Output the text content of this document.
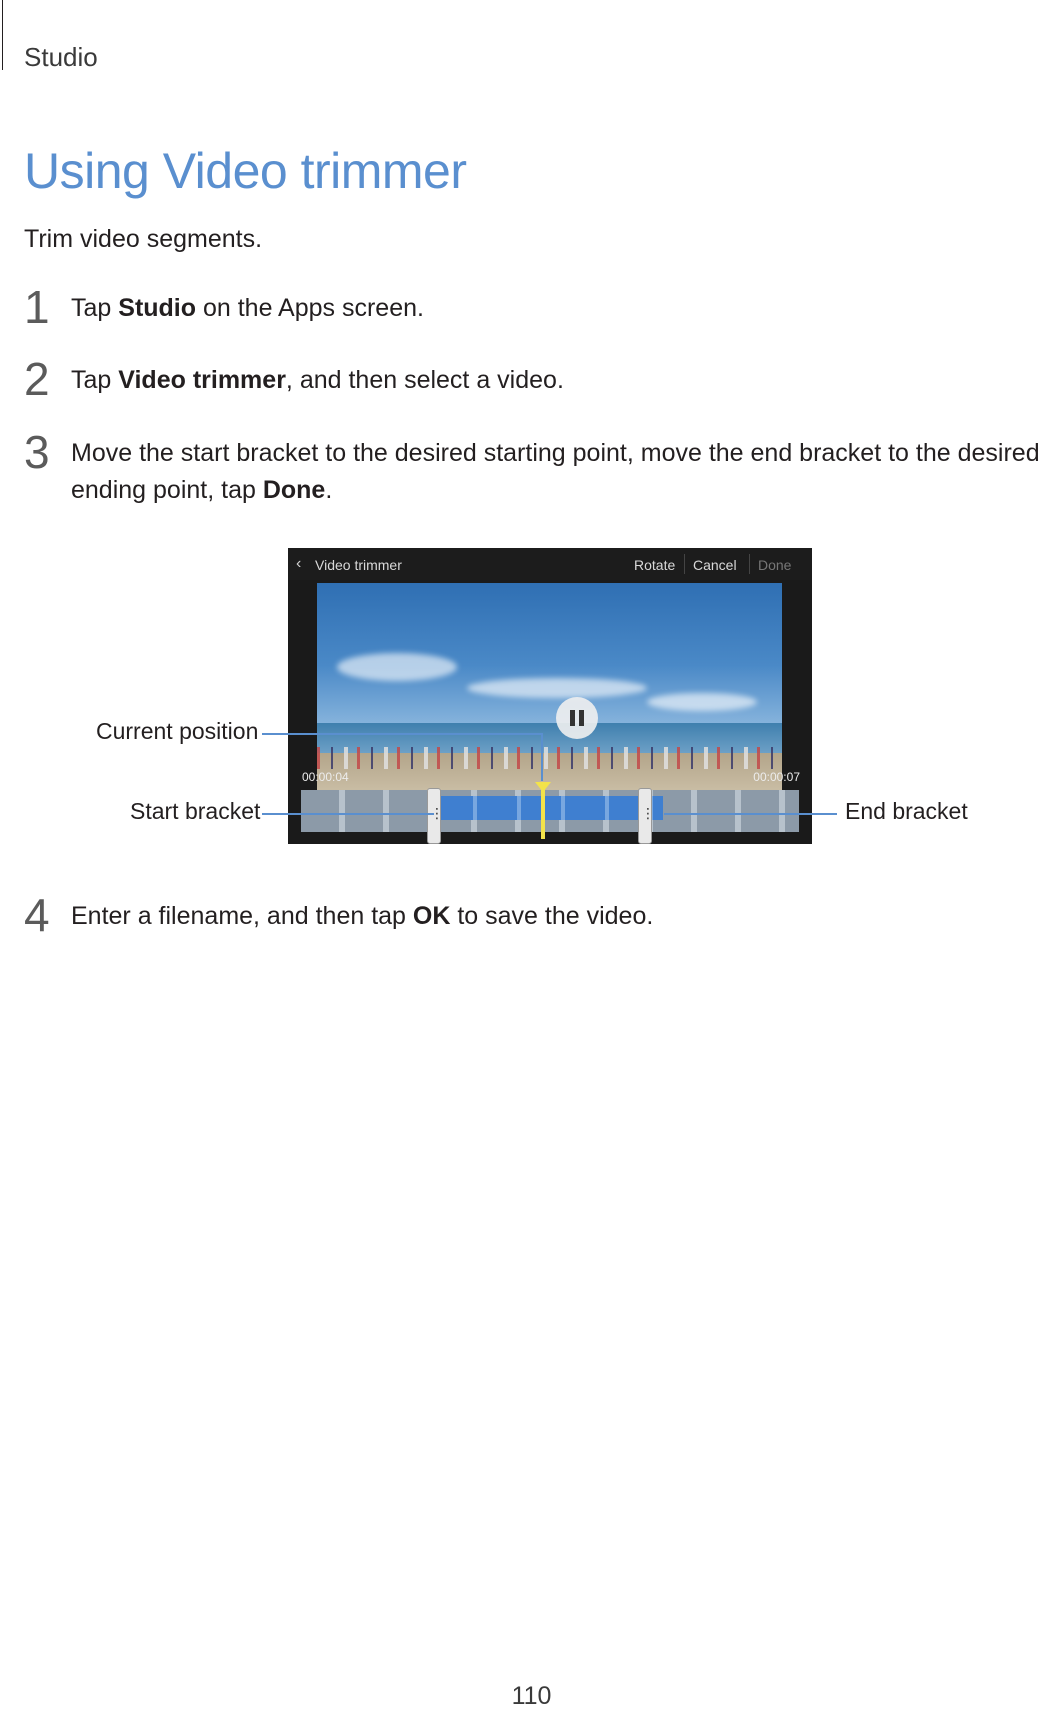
Studio
Using Video trimmer

Trim video segments.

1 Tap Studio on the Apps screen.
2 Tap Video trimmer, and then select a video.
3 Move the start bracket to the desired starting point, move the end bracket to the desired ending point, tap Done.
‹ Video trimmer	Rotate Cancel Done
00:00:04	00:00:07
⋮
⋮
Current position
Start bracket	End bracket
4 Enter a filename, and then tap OK to save the video.
110
